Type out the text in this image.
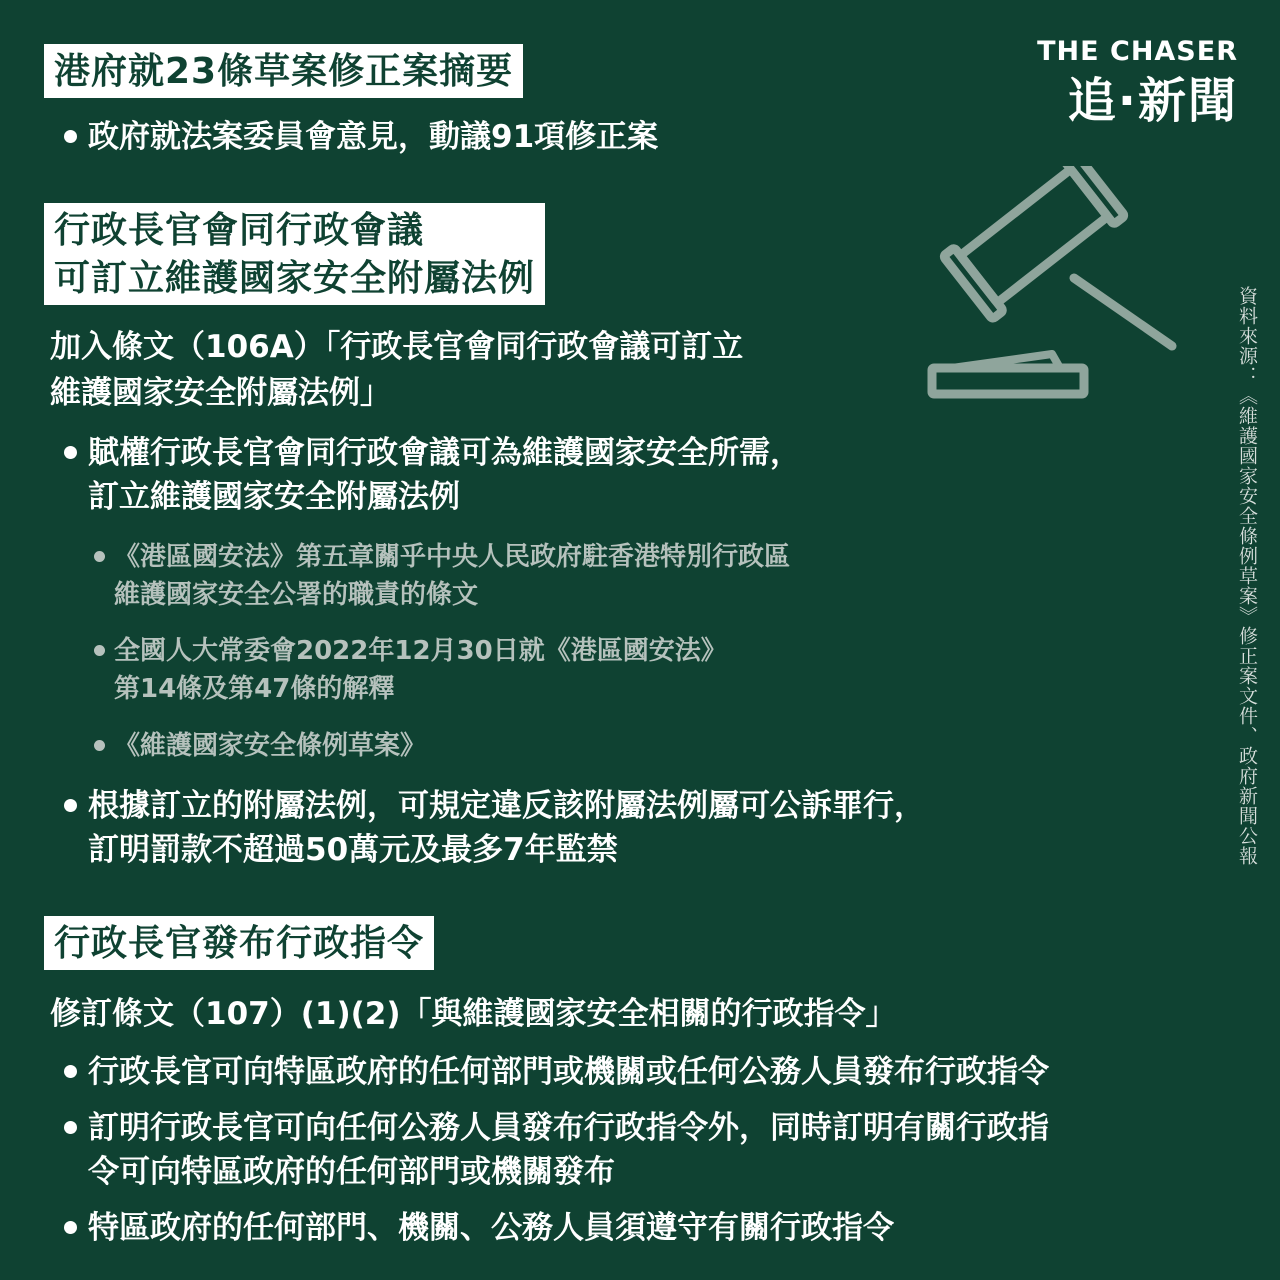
THE CHASER
追·新聞
資料來源：《維護國家安全條例草案》修正案文件、政府新聞公報
港府就23條草案修正案摘要
政府就法案委員會意見，動議91項修正案
行政長官會同行政會議
可訂立維護國家安全附屬法例
加入條文（106A）「行政長官會同行政會議可訂立
維護國家安全附屬法例」
賦權行政長官會同行政會議可為維護國家安全所需，
訂立維護國家安全附屬法例
《港區國安法》第五章關乎中央人民政府駐香港特別行政區
維護國家安全公署的職責的條文
全國人大常委會2022年12月30日就《港區國安法》
第14條及第47條的解釋
《維護國家安全條例草案》
根據訂立的附屬法例，可規定違反該附屬法例屬可公訴罪行，
訂明罰款不超過50萬元及最多7年監禁
行政長官發布行政指令
修訂條文（107）(1)(2)「與維護國家安全相關的行政指令」
行政長官可向特區政府的任何部門或機關或任何公務人員發布行政指令
訂明行政長官可向任何公務人員發布行政指令外，同時訂明有關行政指
令可向特區政府的任何部門或機關發布
特區政府的任何部門、機關、公務人員須遵守有關行政指令
